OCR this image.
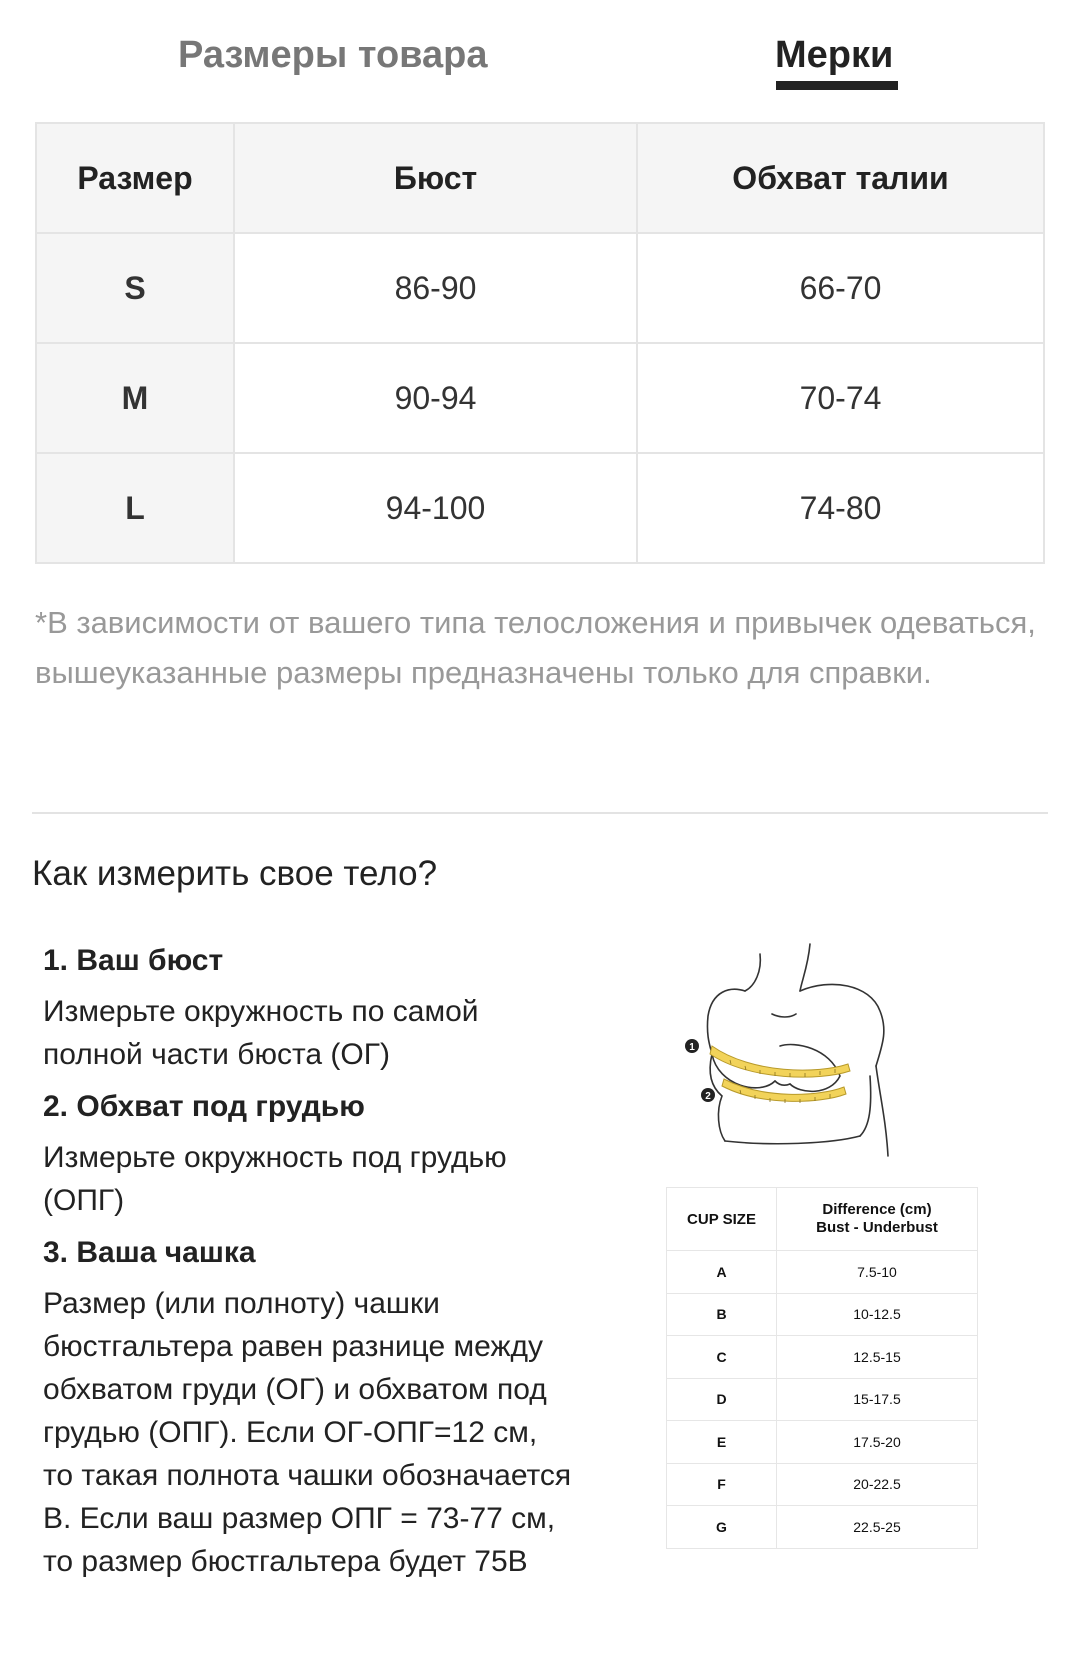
Размеры товара	Мерки
Размер	Бюст	Обхват талии
S	86-90	66-70
M	90-94	70-74
L	94-100	74-80
*В зависимости от вашего типа телосложения и привычек одеваться, вышеуказанные размеры предназначены только для справки.
Как измерить свое тело?
1. Ваш бюст
Измерьте окружность по самой полной части бюста (ОГ)
2. Обхват под грудью
Измерьте окружность под грудью (ОПГ)
3. Ваша чашка
Размер (или полноту) чашки бюстгальтера равен разнице между обхватом груди (ОГ) и обхватом под грудью (ОПГ). Если ОГ-ОПГ=12 см, то такая полнота чашки обозначается B. Если ваш размер ОПГ = 73-77 см, то размер бюстгальтера будет 75B
1
2
CUP SIZE	Difference (cm)
Bust - Underbust

A	7.5-10
B	10-12.5
C	12.5-15
D	15-17.5
E	17.5-20
F	20-22.5
G	22.5-25
